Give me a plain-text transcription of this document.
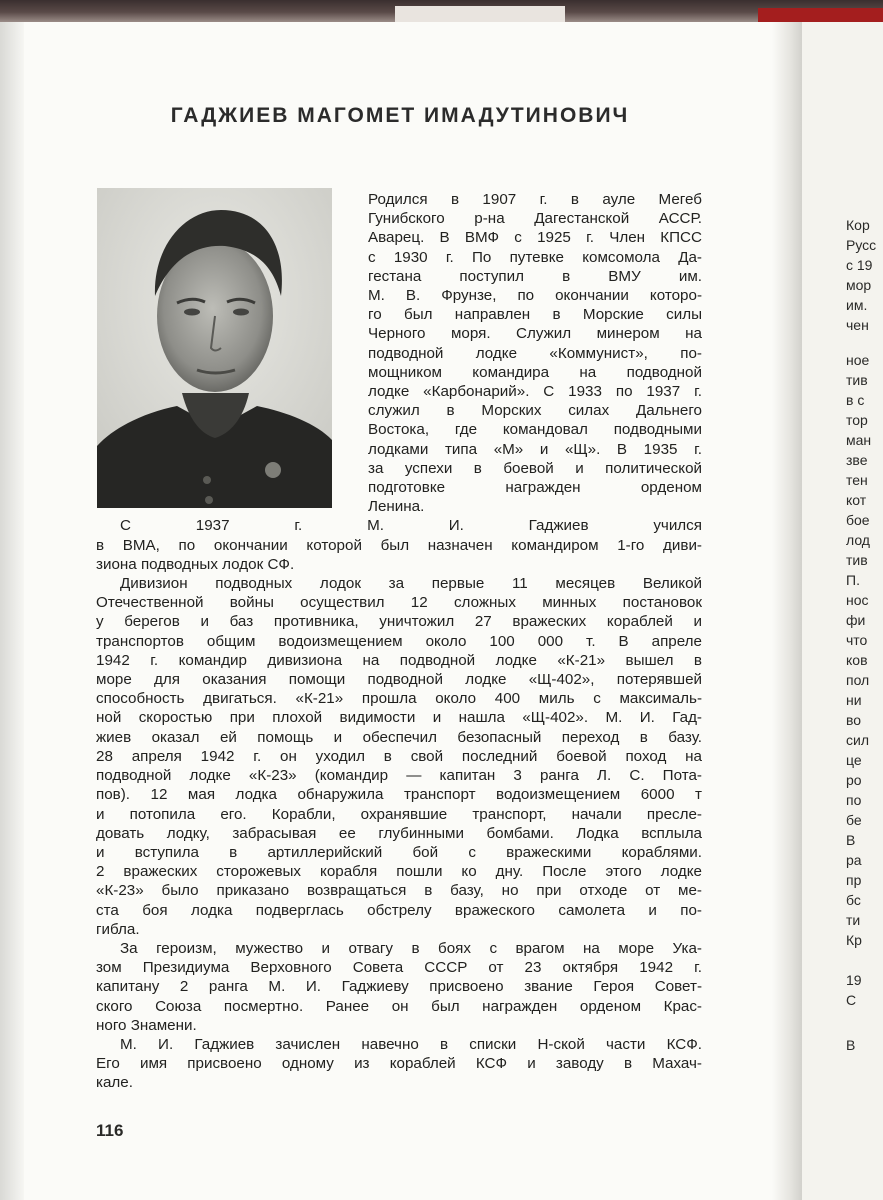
Кор
Русс
с 19
мор
им.
чен
ное
тив
в с
тор
ман
зве
тен
кот
бое
лод
тив
П.
нос
фи
что
ков
пол
ни
во
сил
це
ро
по
бе
В
ра
пр
бс
ти
Кр
19
С
В
ГАДЖИЕВ МАГОМЕТ ИМАДУТИНОВИЧ
Родился в 1907 г. в ауле Мегеб
Гунибского р-на Дагестанской АССР.
Аварец. В ВМФ с 1925 г. Член КПСС
с 1930 г. По путевке комсомола Да-
гестана поступил в ВМУ им.
М. В. Фрунзе, по окончании которо-
го был направлен в Морские силы
Черного моря. Служил минером на
подводной лодке «Коммунист», по-
мощником командира на подводной
лодке «Карбонарий». С 1933 по 1937 г.
служил в Морских силах Дальнего
Востока, где командовал подводными
лодками типа «М» и «Щ». В 1935 г.
за успехи в боевой и политической
подготовке награжден орденом
Ленина.
С 1937 г. М. И. Гаджиев учился
в ВМА, по окончании которой был назначен командиром 1-го диви-
зиона подводных лодок СФ.
Дивизион подводных лодок за первые 11 месяцев Великой
Отечественной войны осуществил 12 сложных минных постановок
у берегов и баз противника, уничтожил 27 вражеских кораблей и
транспортов общим водоизмещением около 100 000 т. В апреле
1942 г. командир дивизиона на подводной лодке «К-21» вышел в
море для оказания помощи подводной лодке «Щ-402», потерявшей
способность двигаться. «К-21» прошла около 400 миль с максималь-
ной скоростью при плохой видимости и нашла «Щ-402». М. И. Гад-
жиев оказал ей помощь и обеспечил безопасный переход в базу.
28 апреля 1942 г. он уходил в свой последний боевой поход на
подводной лодке «К-23» (командир — капитан 3 ранга Л. С. Пота-
пов). 12 мая лодка обнаружила транспорт водоизмещением 6000 т
и потопила его. Корабли, охранявшие транспорт, начали пресле-
довать лодку, забрасывая ее глубинными бомбами. Лодка всплыла
и вступила в артиллерийский бой с вражескими кораблями.
2 вражеских сторожевых корабля пошли ко дну. После этого лодке
«К-23» было приказано возвращаться в базу, но при отходе от ме-
ста боя лодка подверглась обстрелу вражеского самолета и по-
гибла.
За героизм, мужество и отвагу в боях с врагом на море Ука-
зом Президиума Верховного Совета СССР от 23 октября 1942 г.
капитану 2 ранга М. И. Гаджиеву присвоено звание Героя Совет-
ского Союза посмертно. Ранее он был награжден орденом Крас-
ного Знамени.
М. И. Гаджиев зачислен навечно в списки Н-ской части КСФ.
Его имя присвоено одному из кораблей КСФ и заводу в Махач-
кале.
116
